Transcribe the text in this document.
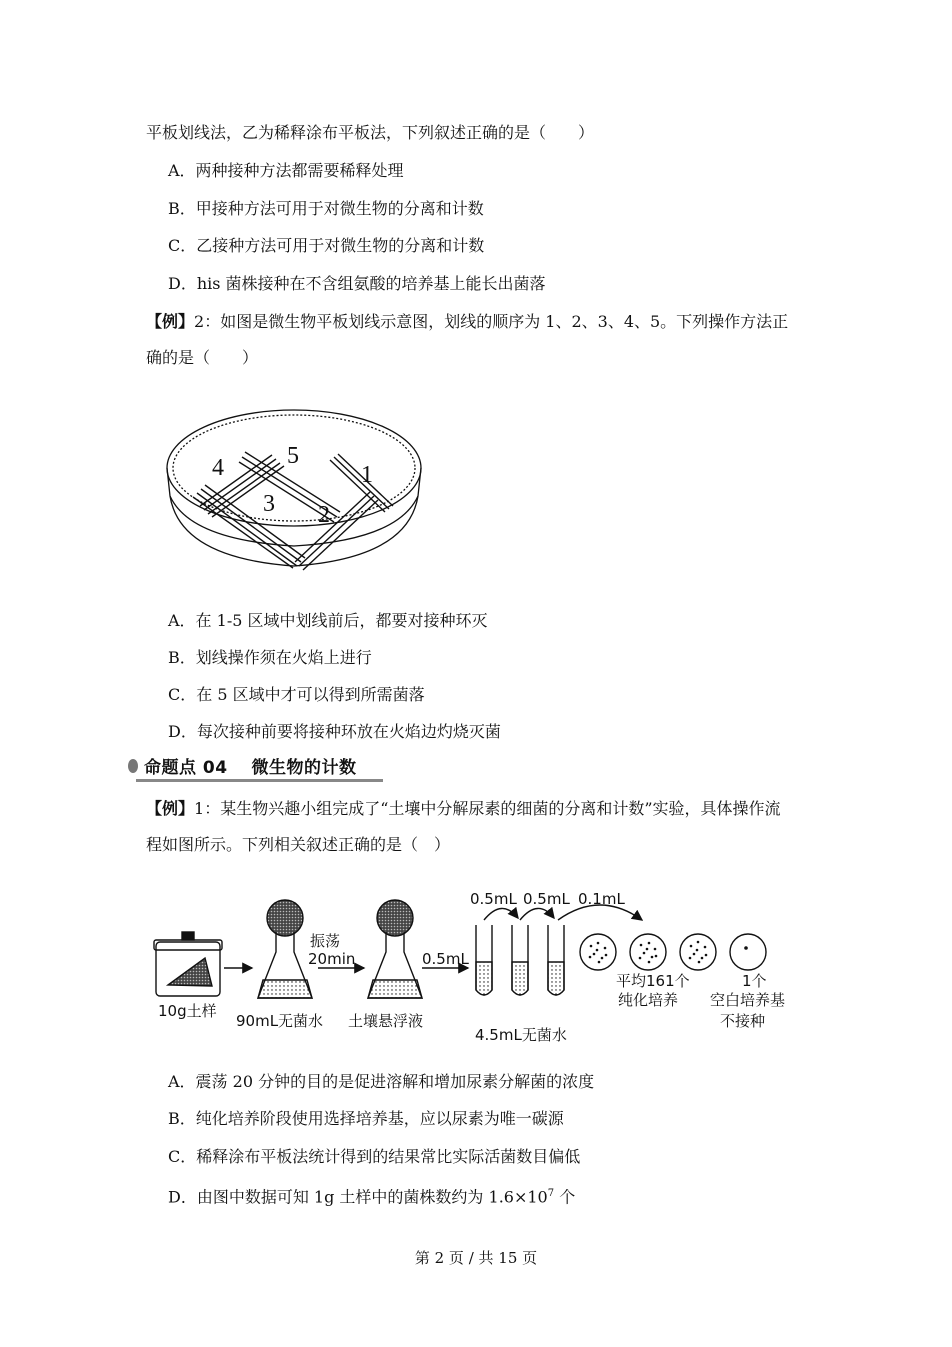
平板划线法，乙为稀释涂布平板法，下列叙述正确的是（　　）
A．两种接种方法都需要稀释处理
B．甲接种方法可用于对微生物的分离和计数
C．乙接种方法可用于对微生物的分离和计数
D．his 菌株接种在不含组氨酸的培养基上能长出菌落
【例】2：如图是微生物平板划线示意图，划线的顺序为 1、2、3、4、5。下列操作方法正
确的是（　　）
1
2
3
4	5
A．在 1-5 区域中划线前后，都要对接种环灭
B．划线操作须在火焰上进行
C．在 5 区域中才可以得到所需菌落
D．每次接种前要将接种环放在火焰边灼烧灭菌
命题点 04　 微生物的计数
【例】1：某生物兴趣小组完成了“土壤中分解尿素的细菌的分离和计数”实验，具体操作流
程如图所示。下列相关叙述正确的是（　）
10g土样
90mL无菌水
振荡
20min
土壤悬浮液
0.5mL
0.5mL 0.5mL 0.1mL
4.5mL无菌水
平均161个
纯化培养
1个
空白培养基
不接种
A．震荡 20 分钟的目的是促进溶解和增加尿素分解菌的浓度
B．纯化培养阶段使用选择培养基，应以尿素为唯一碳源
C．稀释涂布平板法统计得到的结果常比实际活菌数目偏低
D．由图中数据可知 1g 土样中的菌株数约为 $1.6\times 10^7$ 个
第 2 页 / 共 15 页
